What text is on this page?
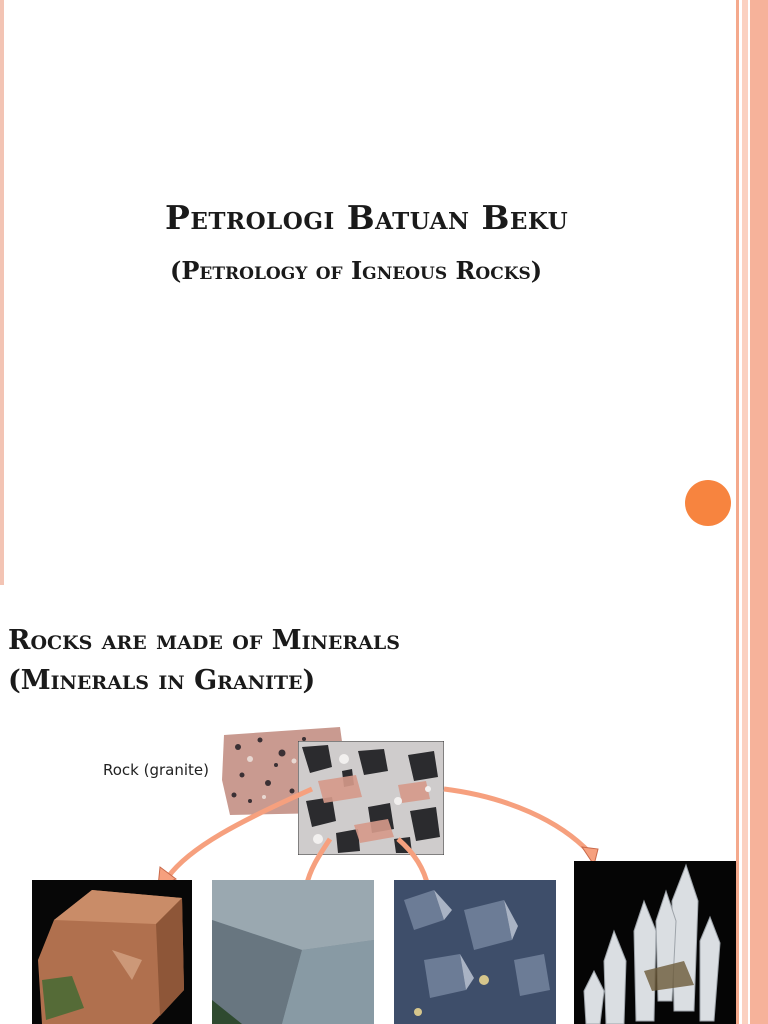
Petrologi Batuan Beku
(Petrology of Igneous Rocks)
Rocks are made of Minerals
(Minerals in Granite)
Rock (granite)
